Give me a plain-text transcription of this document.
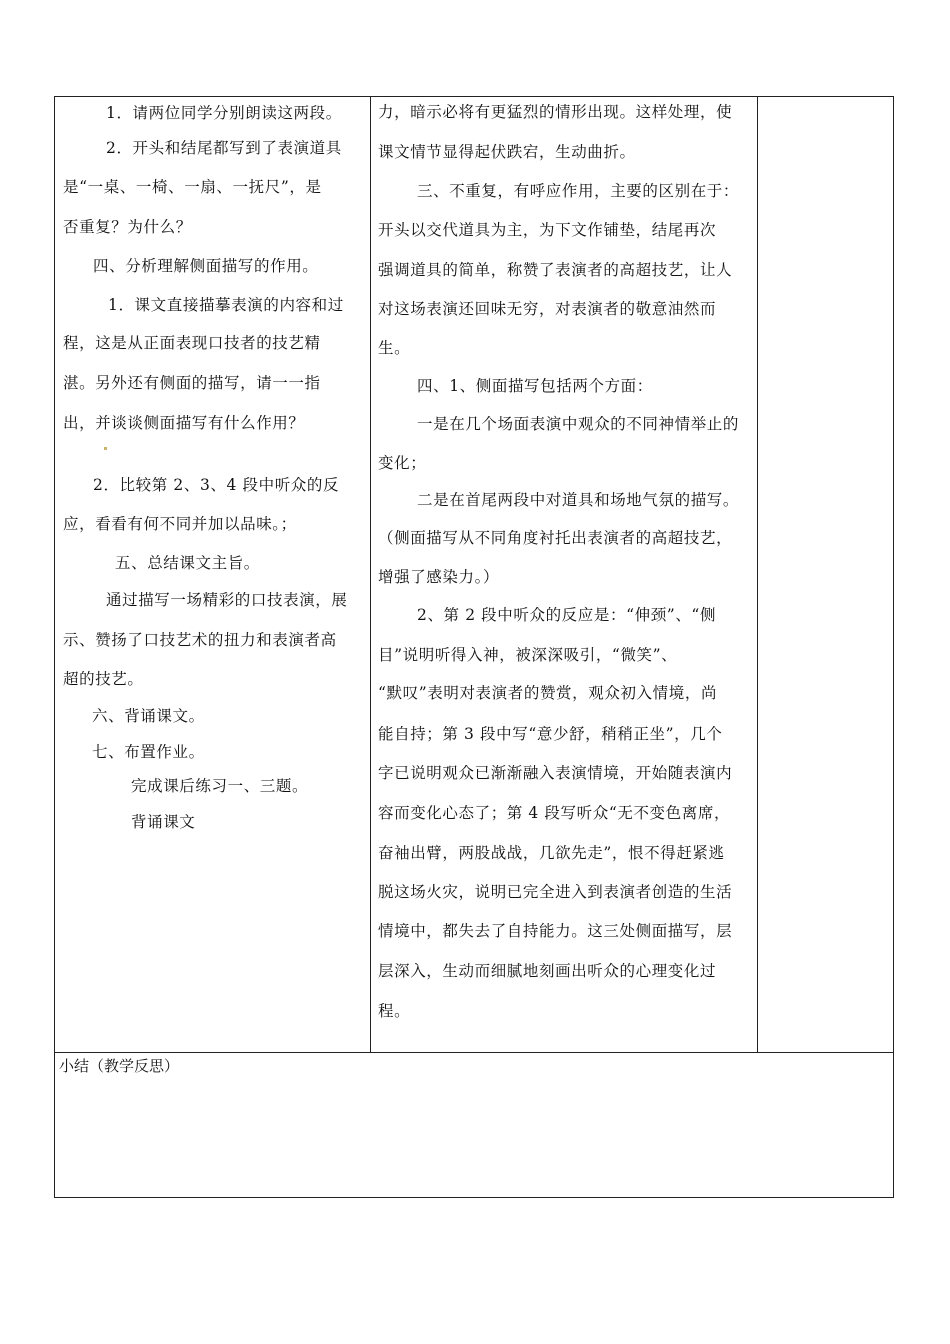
1．请两位同学分别朗读这两段。
2．开头和结尾都写到了表演道具
是“一桌、一椅、一扇、一抚尺”，是
否重复？为什么？
四、分析理解侧面描写的作用。
1．课文直接描摹表演的内容和过
程，这是从正面表现口技者的技艺精
湛。另外还有侧面的描写，请一一指
出，并谈谈侧面描写有什么作用？
2．比较第 2、3、4 段中听众的反
应，看看有何不同并加以品味。；
五、总结课文主旨。
通过描写一场精彩的口技表演，展
示、赞扬了口技艺术的扭力和表演者高
超的技艺。
六、背诵课文。
七、布置作业。
完成课后练习一、三题。
背诵课文
力，暗示必将有更猛烈的情形出现。这样处理，使
课文情节显得起伏跌宕，生动曲折。
三、不重复，有呼应作用，主要的区别在于：
开头以交代道具为主，为下文作铺垫，结尾再次
强调道具的简单，称赞了表演者的高超技艺，让人
对这场表演还回味无穷，对表演者的敬意油然而
生。
四、1、侧面描写包括两个方面：
一是在几个场面表演中观众的不同神情举止的
变化；
二是在首尾两段中对道具和场地气氛的描写。
（侧面描写从不同角度衬托出表演者的高超技艺，
增强了感染力。）
2、第 2 段中听众的反应是：“伸颈”、“侧
目”说明听得入神，被深深吸引，“微笑”、
“默叹”表明对表演者的赞赏，观众初入情境，尚
能自持；第 3 段中写“意少舒，稍稍正坐”，几个
字已说明观众已渐渐融入表演情境，开始随表演内
容而变化心态了；第 4 段写听众“无不变色离席，
奋袖出臂，两股战战，几欲先走”，恨不得赶紧逃
脱这场火灾，说明已完全进入到表演者创造的生活
情境中，都失去了自持能力。这三处侧面描写，层
层深入，生动而细腻地刻画出听众的心理变化过
程。
小结（教学反思）
